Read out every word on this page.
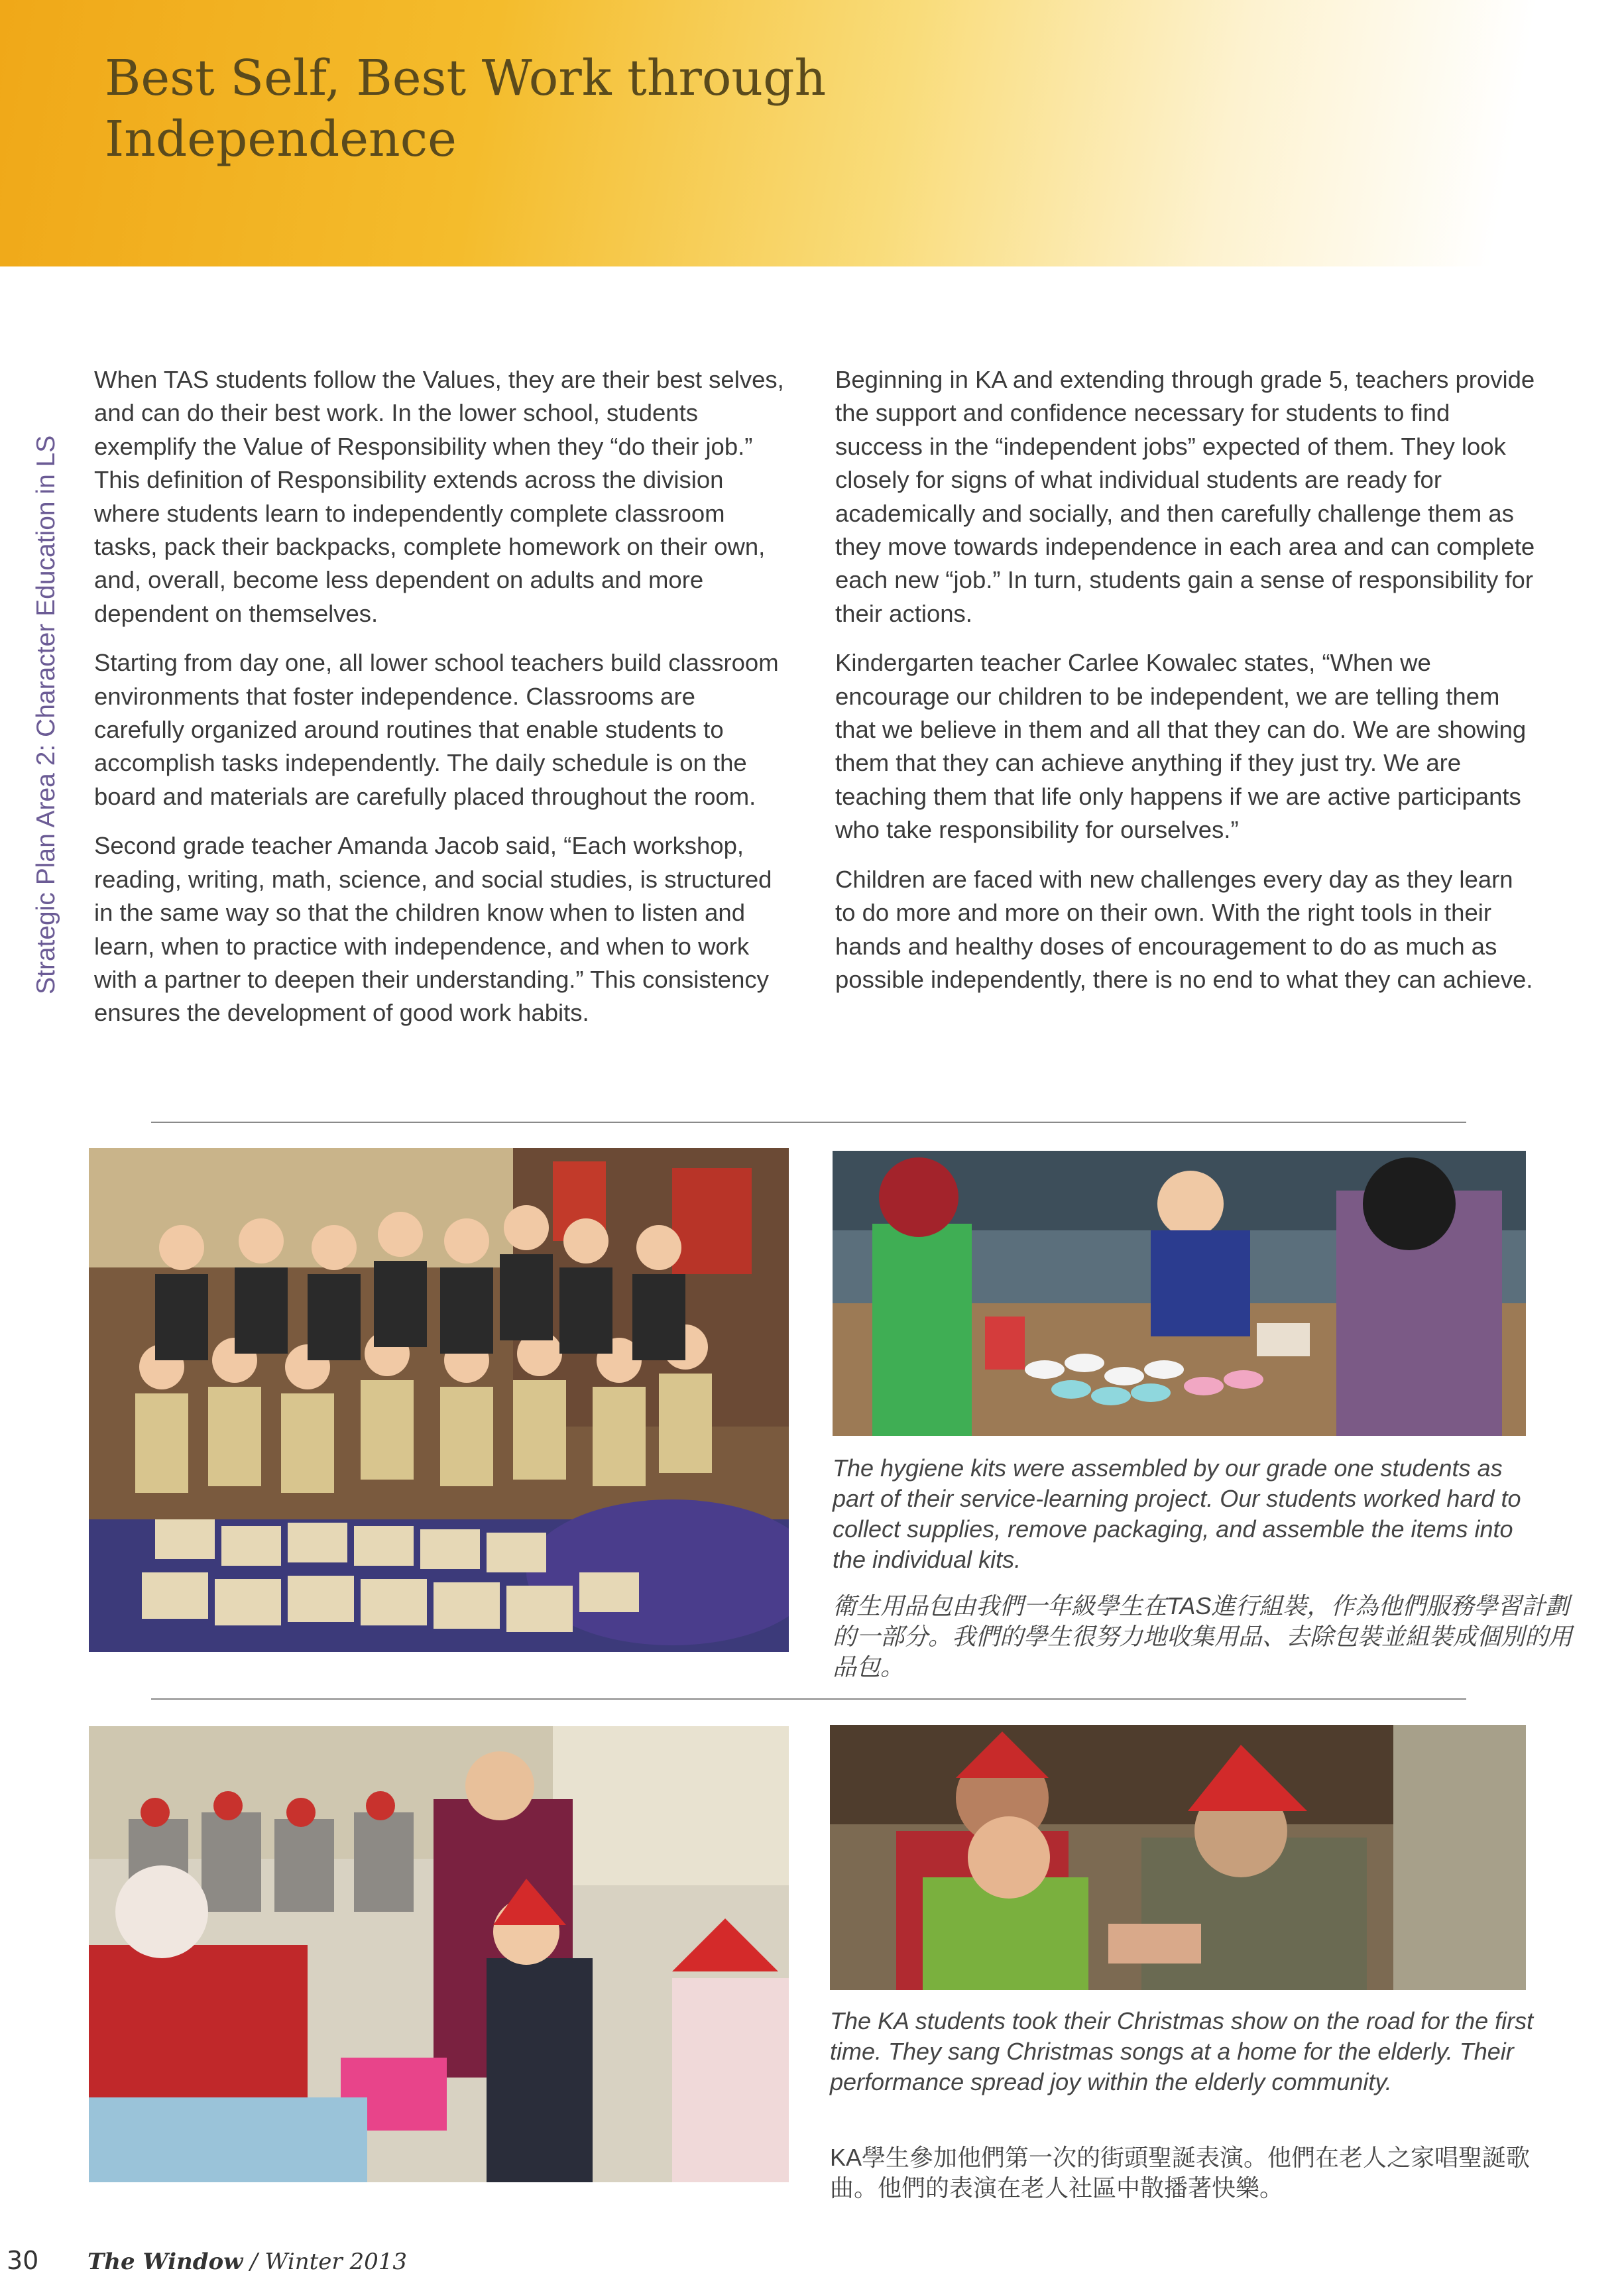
Best Self, Best Work through
Independence
Strategic Plan Area 2: Character Education in LS

When TAS students follow the Values, they are their best selves, and can do their best work. In the lower school, students exemplify the Value of Responsibility when they “do their job.” This definition of Responsibility extends across the division where students learn to independently complete classroom tasks, pack their backpacks, complete homework on their own, and, overall, become less dependent on adults and more dependent on themselves.

Starting from day one, all lower school teachers build classroom environments that foster independence. Classrooms are carefully organized around routines that enable students to accomplish tasks independently. The daily schedule is on the board and materials are carefully placed throughout the room.

Second grade teacher Amanda Jacob said, “Each workshop, reading, writing, math, science, and social studies, is structured in the same way so that the children know when to listen and learn, when to practice with independence, and when to work with a partner to deepen their understanding.” This consistency ensures the development of good work habits.

Beginning in KA and extending through grade 5, teachers provide the support and confidence necessary for students to find success in the “independent jobs” expected of them. They look closely for signs of what individual students are ready for academically and socially, and then carefully challenge them as they move towards independence in each area and can complete each new “job.” In turn, students gain a sense of responsibility for their actions.

Kindergarten teacher Carlee Kowalec states, “When we encourage our children to be independent, we are telling them that we believe in them and all that they can do. We are showing them that they can achieve anything if they just try. We are teaching them that life only happens if we are active participants who take responsibility for ourselves.”

Children are faced with new challenges every day as they learn to do more and more on their own. With the right tools in their hands and healthy doses of encouragement to do as much as possible independently, there is no end to what they can achieve.

The hygiene kits were assembled by our grade one students as part of their service-learning project. Our students worked hard to collect supplies, remove packaging, and assemble the items into the individual kits.
衛生用品包由我們一年級學生在TAS進行組裝，作為他們服務學習計劃的一部分。我們的學生很努力地收集用品、去除包裝並組裝成個別的用品包。
The KA students took their Christmas show on the road for the first time. They sang Christmas songs at a home for the elderly. Their performance spread joy within the elderly community.
KA學生參加他們第一次的街頭聖誕表演。他們在老人之家唱聖誕歌曲。他們的表演在老人社區中散播著快樂。
30 The Window / Winter 2013
